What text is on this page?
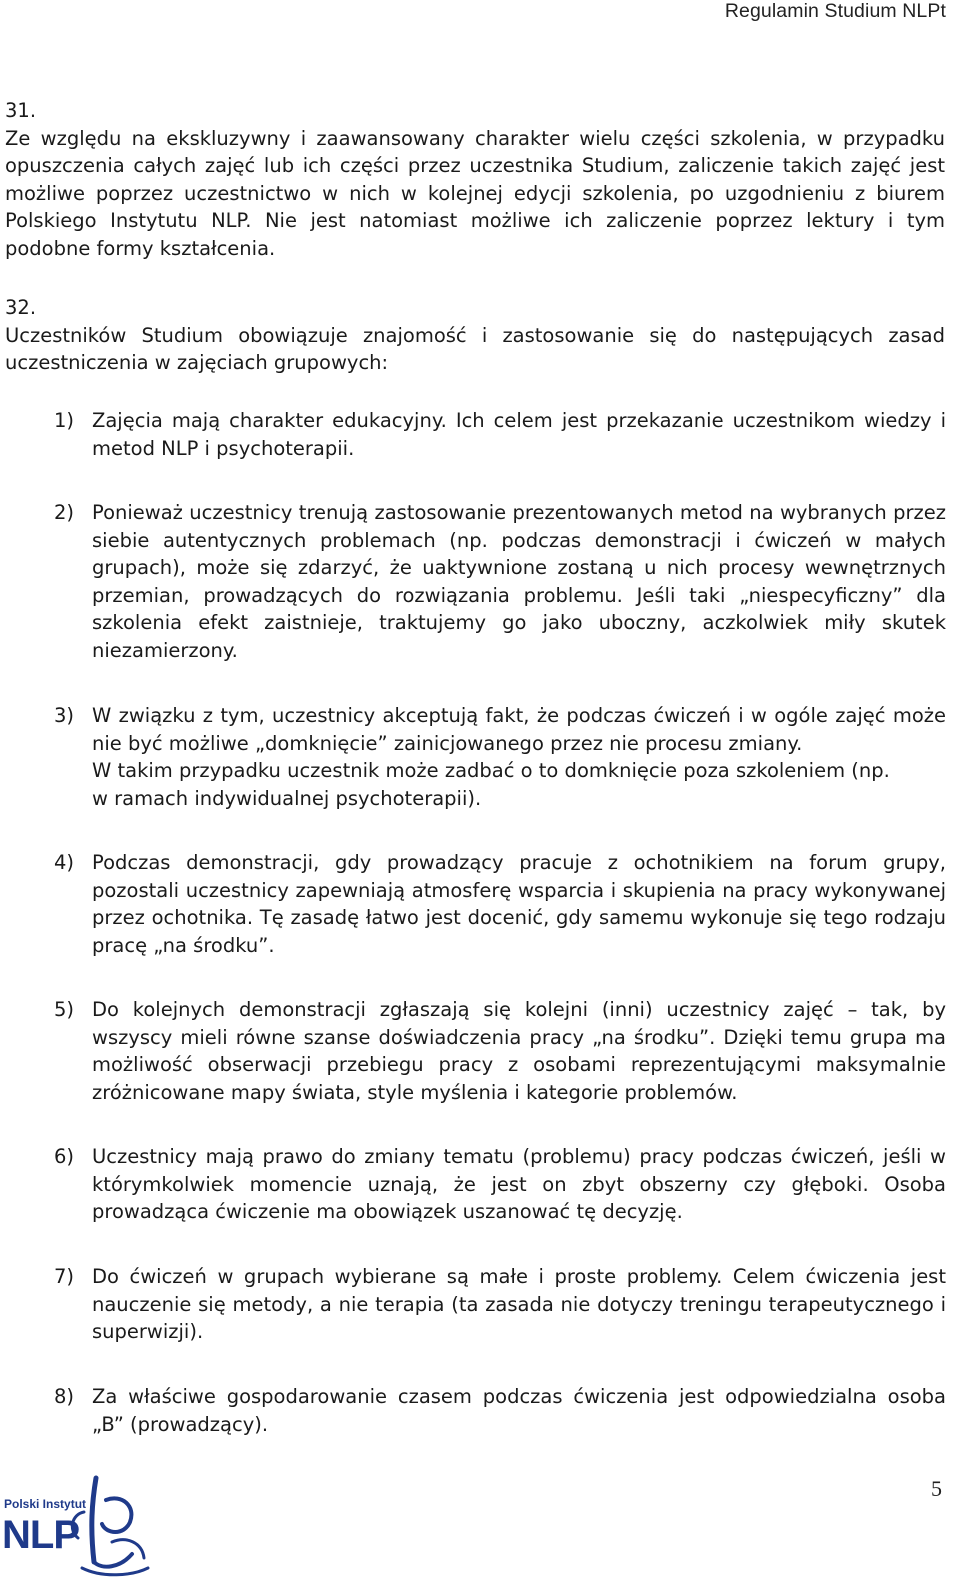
Regulamin Studium NLPt
31.
Ze względu na ekskluzywny i zaawansowany charakter wielu części szkolenia, w przypadku opuszczenia całych zajęć lub ich części przez uczestnika Studium, zaliczenie takich zajęć jest możliwe poprzez uczestnictwo w nich w kolejnej edycji szkolenia, po uzgodnieniu z biurem Polskiego Instytutu NLP. Nie jest natomiast możliwe ich zaliczenie poprzez lektury i tym podobne formy kształcenia.
32.
Uczestników Studium obowiązuje znajomość i zastosowanie się do następujących zasad uczestniczenia w zajęciach grupowych:
1) Zajęcia mają charakter edukacyjny. Ich celem jest przekazanie uczestnikom wiedzy i metod NLP i psychoterapii.
2) Ponieważ uczestnicy trenują zastosowanie prezentowanych metod na wybranych przez siebie autentycznych problemach (np. podczas demonstracji i ćwiczeń w małych grupach), może się zdarzyć, że uaktywnione zostaną u nich procesy wewnętrznych przemian, prowadzących do rozwiązania problemu. Jeśli taki „niespecyficzny” dla szkolenia efekt zaistnieje, traktujemy go jako uboczny, aczkolwiek miły skutek niezamierzony.
3) W związku z tym, uczestnicy akceptują fakt, że podczas ćwiczeń i w ogóle zajęć może nie być możliwe „domknięcie” zainicjowanego przez nie procesu zmiany.
W takim przypadku uczestnik może zadbać o to domknięcie poza szkoleniem (np.
w ramach indywidualnej psychoterapii).
4) Podczas demonstracji, gdy prowadzący pracuje z ochotnikiem na forum grupy, pozostali uczestnicy zapewniają atmosferę wsparcia i skupienia na pracy wykonywanej przez ochotnika. Tę zasadę łatwo jest docenić, gdy samemu wykonuje się tego rodzaju pracę „na środku”.
5) Do kolejnych demonstracji zgłaszają się kolejni (inni) uczestnicy zajęć – tak, by wszyscy mieli równe szanse doświadczenia pracy „na środku”. Dzięki temu grupa ma możliwość obserwacji przebiegu pracy z osobami reprezentującymi maksymalnie zróżnicowane mapy świata, style myślenia i kategorie problemów.
6) Uczestnicy mają prawo do zmiany tematu (problemu) pracy podczas ćwiczeń, jeśli w którymkolwiek momencie uznają, że jest on zbyt obszerny czy głęboki. Osoba prowadząca ćwiczenie ma obowiązek uszanować tę decyzję.
7) Do ćwiczeń w grupach wybierane są małe i proste problemy. Celem ćwiczenia jest nauczenie się metody, a nie terapia (ta zasada nie dotyczy treningu terapeutycznego i superwizji).
8) Za właściwe gospodarowanie czasem podczas ćwiczenia jest odpowiedzialna osoba „B” (prowadzący).
Polski Instytut
NLP
5
